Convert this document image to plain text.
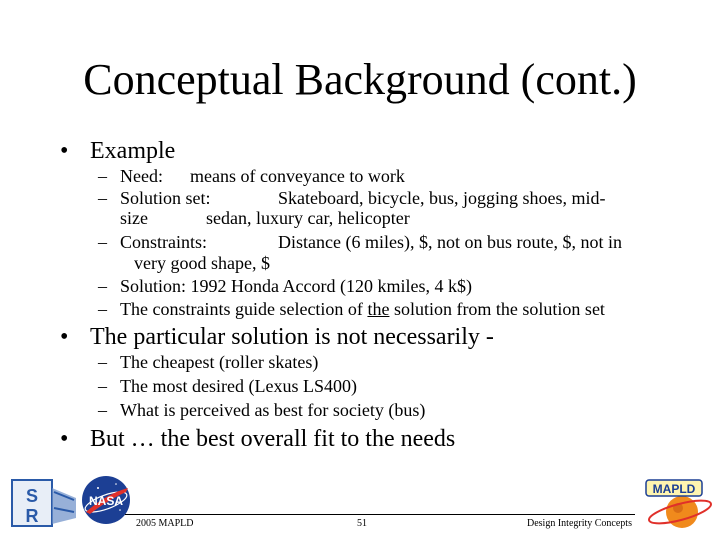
Conceptual Background (cont.)
• Example
– Need: means of conveyance to work
– Solution set:	Skateboard, bicycle, bus, jogging shoes, mid-
size	sedan, luxury car, helicopter
– Constraints:	Distance (6 miles), $, not on bus route, $, not in
very good shape, $
– Solution: 1992 Honda Accord (120 kmiles, 4 k$)
– The constraints guide selection of the solution from the solution set
• The particular solution is not necessarily -
– The cheapest (roller skates)
– The most desired (Lexus LS400)
– What is perceived as best for society (bus)
• But … the best overall fit to the needs
S
R
NASA
2005 MAPLD	51	Design Integrity Concepts
MAPLD
